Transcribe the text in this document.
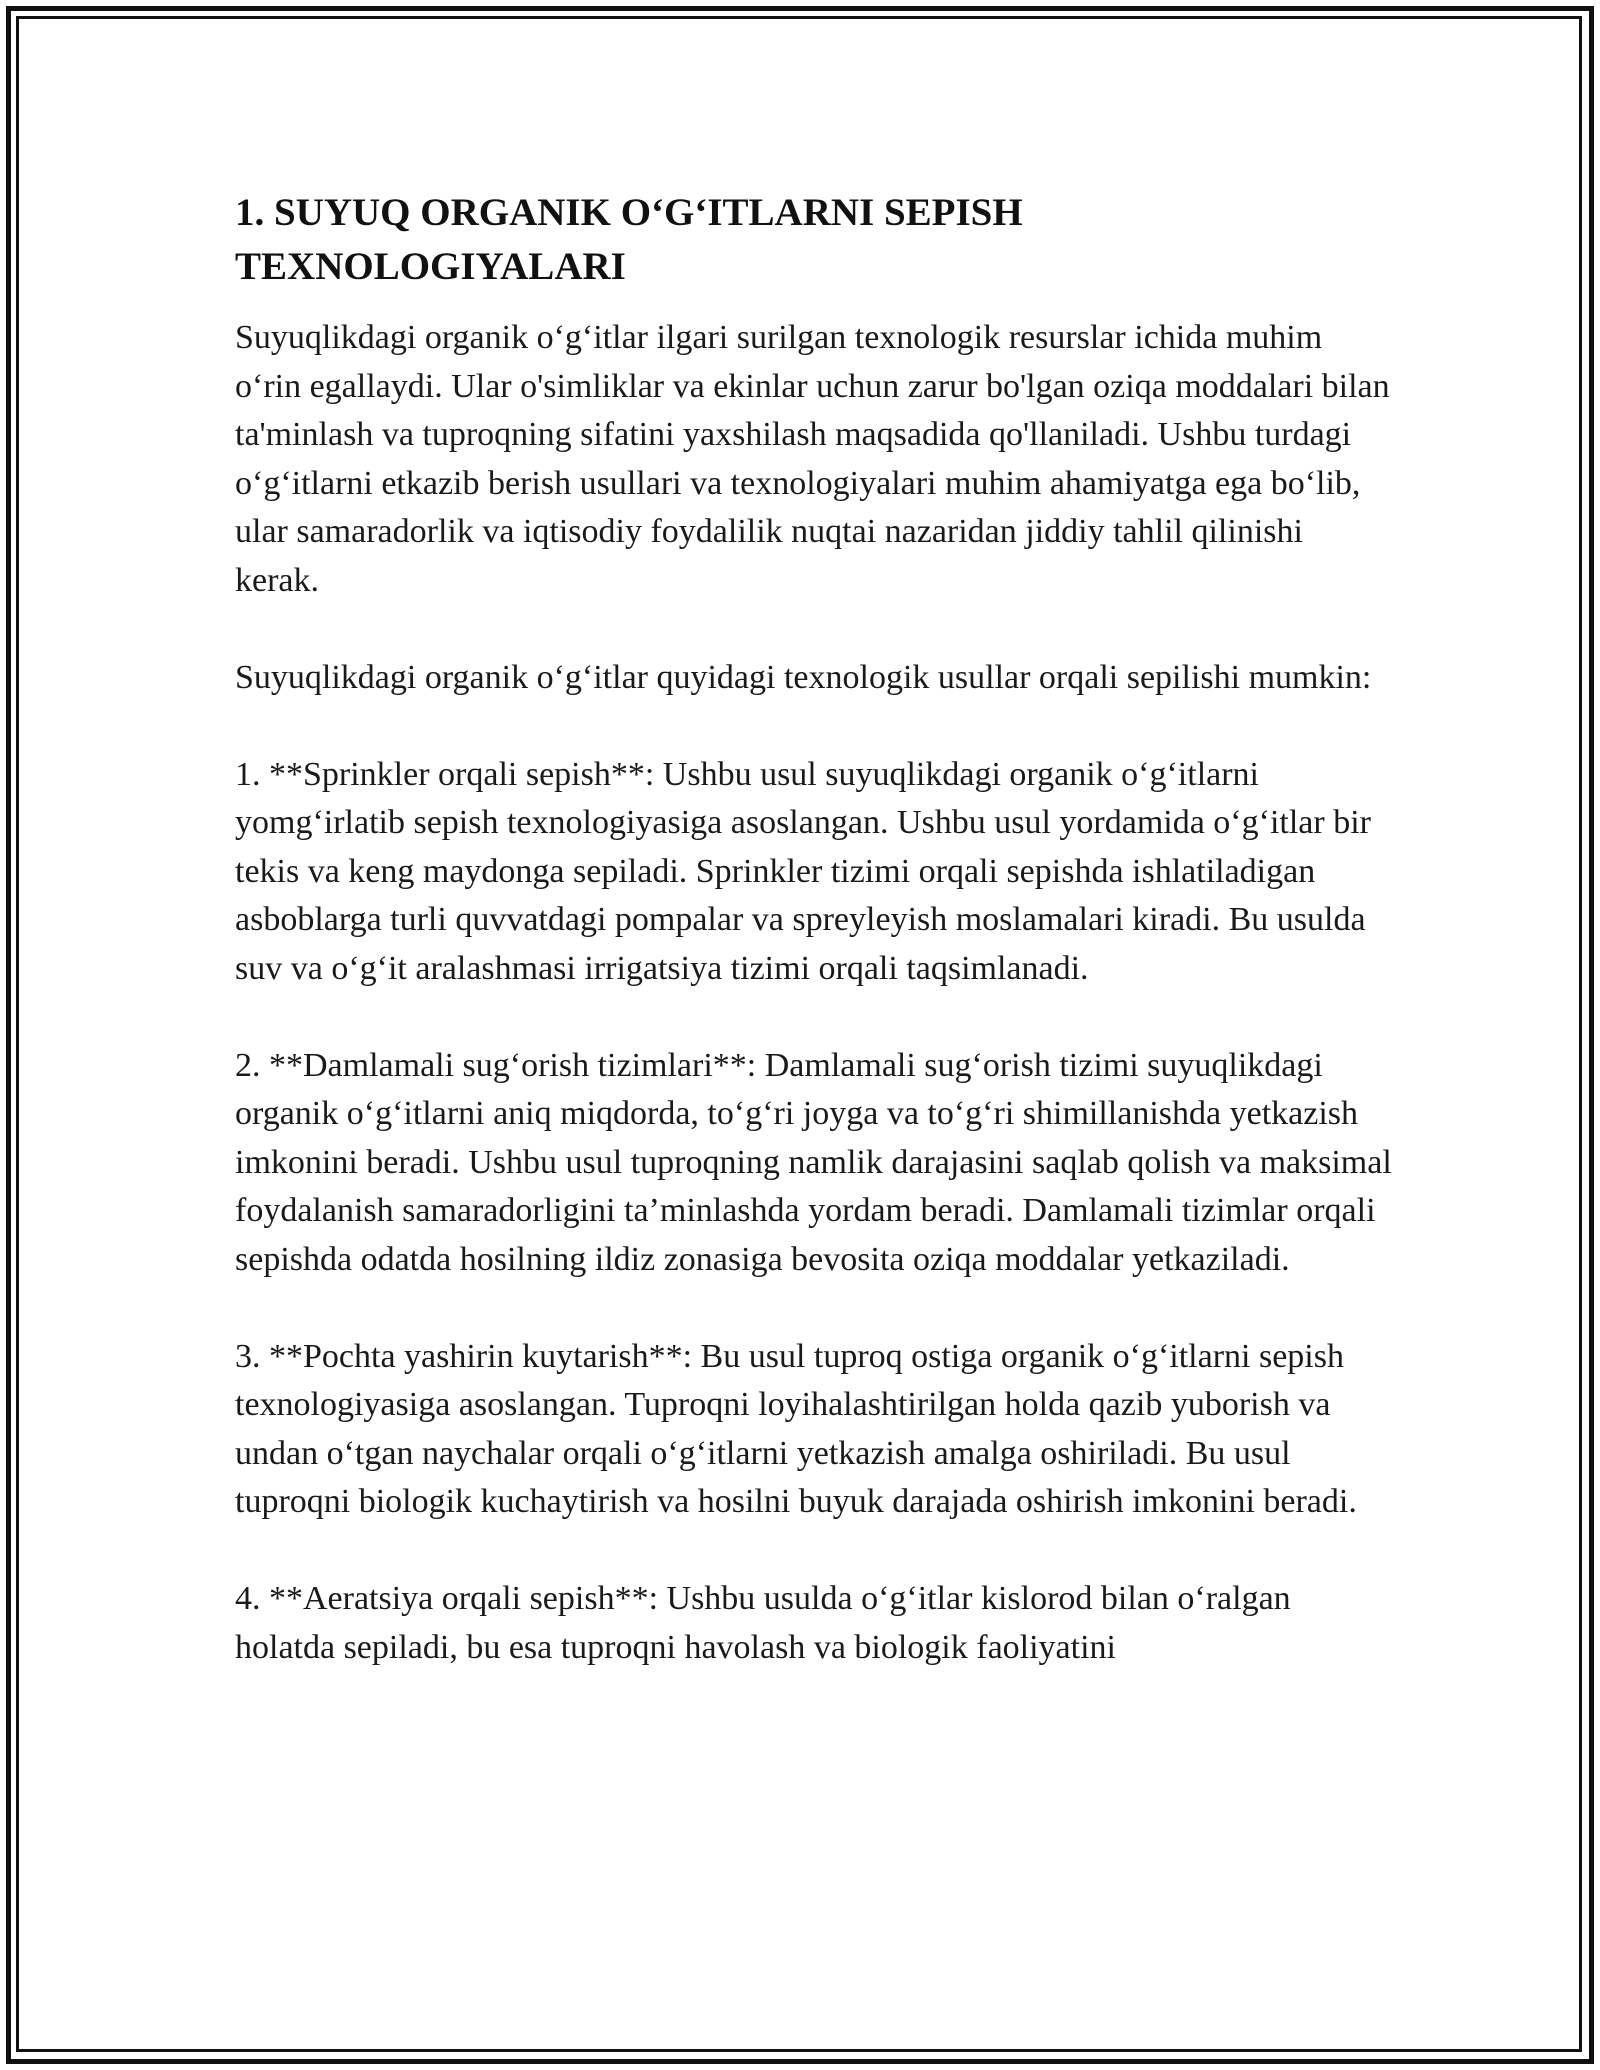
1. SUYUQ ORGANIK O‘G‘ITLARNI SEPISH
TEXNOLOGIYALARI

Suyuqlikdagi organik o‘g‘itlar ilgari surilgan texnologik resurslar ichida muhim o‘rin egallaydi. Ular o'simliklar va ekinlar uchun zarur bo'lgan oziqa moddalari bilan ta'minlash va tuproqning sifatini yaxshilash maqsadida qo'llaniladi. Ushbu turdagi o‘g‘itlarni etkazib berish usullari va texnologiyalari muhim ahamiyatga ega bo‘lib, ular samaradorlik va iqtisodiy foydalilik nuqtai nazaridan jiddiy tahlil qilinishi kerak.

Suyuqlikdagi organik o‘g‘itlar quyidagi texnologik usullar orqali sepilishi mumkin:

1. **Sprinkler orqali sepish**: Ushbu usul suyuqlikdagi organik o‘g‘itlarni yomg‘irlatib sepish texnologiyasiga asoslangan. Ushbu usul yordamida o‘g‘itlar bir tekis va keng maydonga sepiladi. Sprinkler tizimi orqali sepishda ishlatiladigan asboblarga turli quvvatdagi pompalar va spreyleyish moslamalari kiradi. Bu usulda suv va o‘g‘it aralashmasi irrigatsiya tizimi orqali taqsimlanadi.

2. **Damlamali sug‘orish tizimlari**: Damlamali sug‘orish tizimi suyuqlikdagi organik o‘g‘itlarni aniq miqdorda, to‘g‘ri joyga va to‘g‘ri shimillanishda yetkazish imkonini beradi. Ushbu usul tuproqning namlik darajasini saqlab qolish va maksimal foydalanish samaradorligini ta’minlashda yordam beradi. Damlamali tizimlar orqali sepishda odatda hosilning ildiz zonasiga bevosita oziqa moddalar yetkaziladi.

3. **Pochta yashirin kuytarish**: Bu usul tuproq ostiga organik o‘g‘itlarni sepish texnologiyasiga asoslangan. Tuproqni loyihalashtirilgan holda qazib yuborish va undan o‘tgan naychalar orqali o‘g‘itlarni yetkazish amalga oshiriladi. Bu usul tuproqni biologik kuchaytirish va hosilni buyuk darajada oshirish imkonini beradi.

4. **Aeratsiya orqali sepish**: Ushbu usulda o‘g‘itlar kislorod bilan o‘ralgan holatda sepiladi, bu esa tuproqni havolash va biologik faoliyatini
